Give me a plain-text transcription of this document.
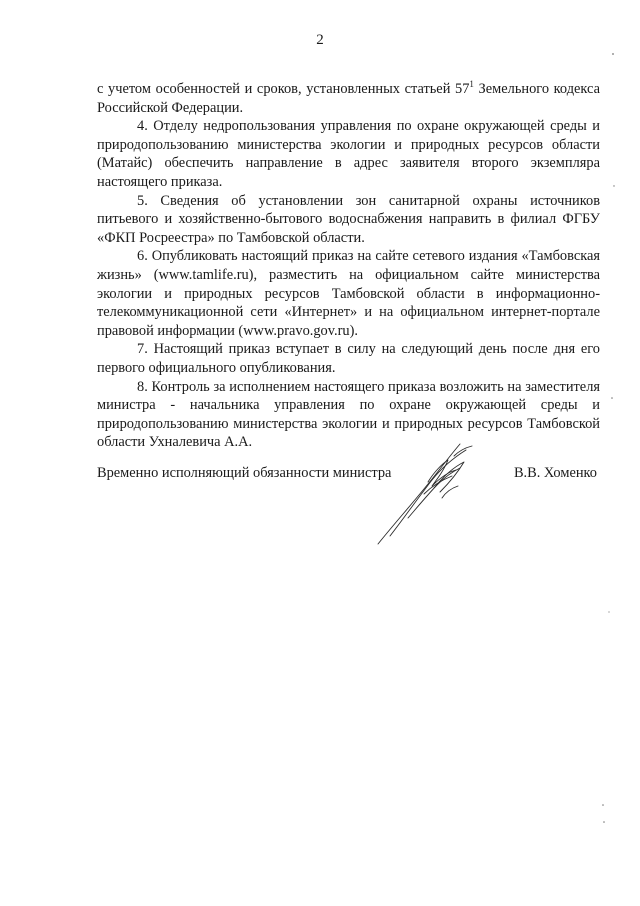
2

с учетом особенностей и сроков, установленных статьей $57^1$ Земельного кодекса Российской Федерации.

4. Отделу недропользования управления по охране окружающей среды и природопользованию министерства экологии и природных ресурсов области (Матайс) обеспечить направление в адрес заявителя второго экземпляра настоящего приказа.

5. Сведения об установлении зон санитарной охраны источников питьевого и хозяйственно-бытового водоснабжения направить в филиал ФГБУ «ФКП Росреестра» по Тамбовской области.

6. Опубликовать настоящий приказ на сайте сетевого издания «Тамбовская жизнь» (www.tamlife.ru), разместить на официальном сайте министерства экологии и природных ресурсов Тамбовской области в информационно-телекоммуникационной сети «Интернет» и на официальном интернет-портале правовой информации (www.pravo.gov.ru).

7. Настоящий приказ вступает в силу на следующий день после дня его первого официального опубликования.

8. Контроль за исполнением настоящего приказа возложить на заместителя министра - начальника управления по охране окружающей среды и природопользованию министерства экологии и природных ресурсов Тамбовской области Ухналевича А.А.

Временно исполняющий обязанности министра	В.В. Хоменко
